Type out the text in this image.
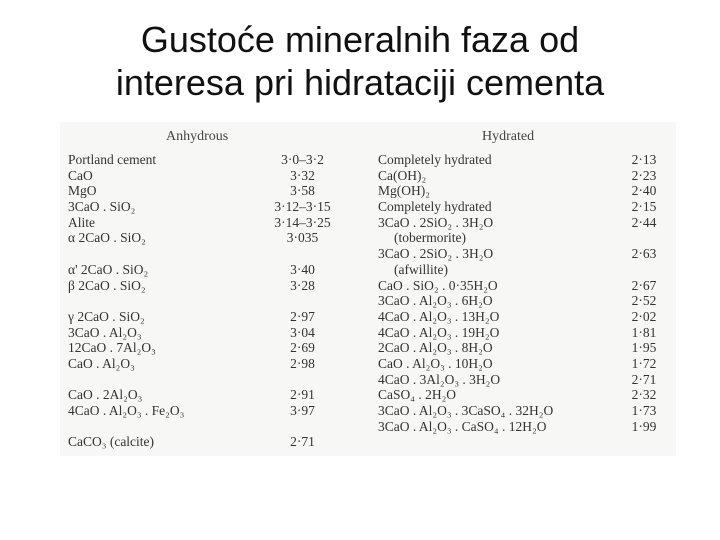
Gustoće mineralnih faza od
interesa pri hidrataciji cementa
Anhydrous	Hydrated
Portland cement
CaO
MgO
3CaO . SiO₂
Alite
α 2CaO . SiO₂
α' 2CaO . SiO₂
β 2CaO . SiO₂
γ 2CaO . SiO₂
3CaO . Al₂O₃
12CaO . 7Al₂O₃
CaO . Al₂O₃
CaO . 2Al₂O₃
4CaO . Al₂O₃ . Fe₂O₃
CaCO₃ (calcite)
3·0–3·2
3·32
3·58
3·12–3·15
3·14–3·25
3·035
3·40
3·28
2·97
3·04
2·69
2·98
2·91
3·97
2·71
Completely hydrated
Ca(OH)₂
Mg(OH)₂
Completely hydrated
3CaO . 2SiO₂ . 3H₂O
(tobermorite)
3CaO . 2SiO₂ . 3H₂O
(afwillite)
CaO . SiO₂ . 0·35H₂O
3CaO . Al₂O₃ . 6H₂O
4CaO . Al₂O₃ . 13H₂O
4CaO . Al₂O₃ . 19H₂O
2CaO . Al₂O₃ . 8H₂O
CaO . Al₂O₃ . 10H₂O
4CaO . 3Al₂O₃ . 3H₂O
CaSO₄ . 2H₂O
3CaO . Al₂O₃ . 3CaSO₄ . 32H₂O
3CaO . Al₂O₃ . CaSO₄ . 12H₂O
2·13
2·23
2·40
2·15
2·44
2·63
2·67
2·52
2·02
1·81
1·95
1·72
2·71
2·32
1·73
1·99
